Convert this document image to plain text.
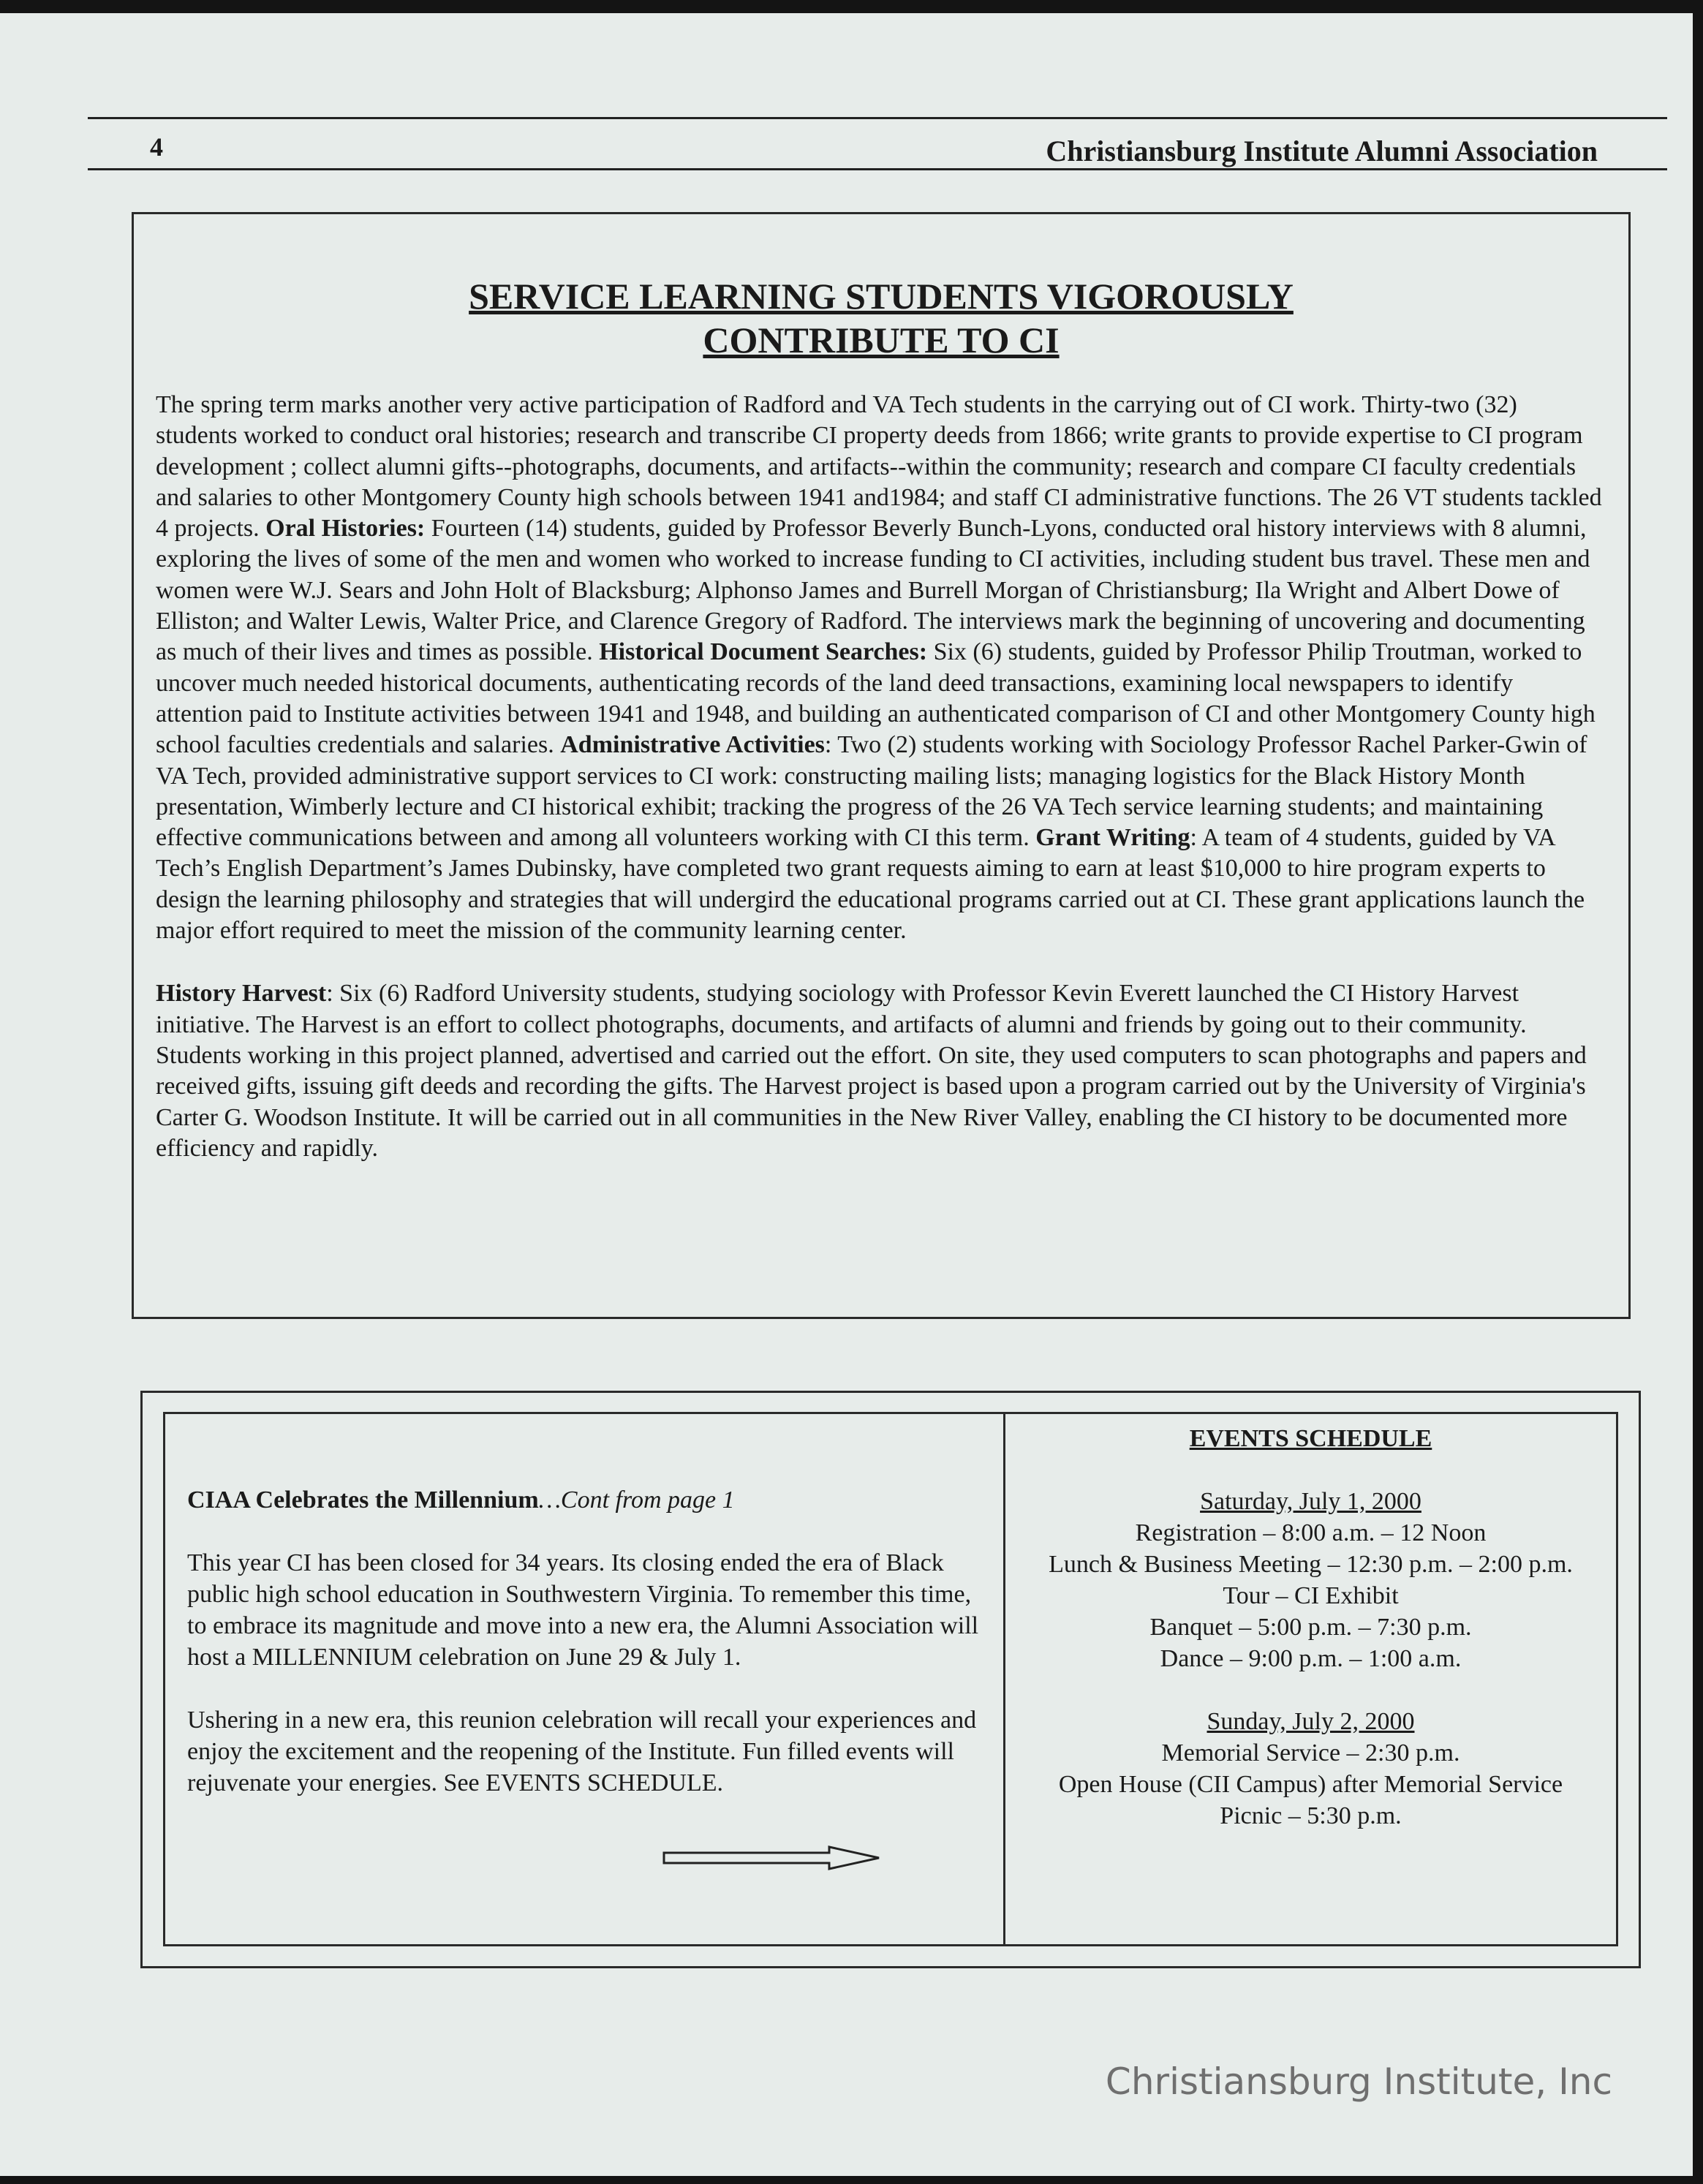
4	Christiansburg Institute Alumni Association
SERVICE LEARNING STUDENTS VIGOROUSLY
CONTRIBUTE TO CI

The spring term marks another very active participation of Radford and VA Tech students in the carrying out of CI work. Thirty-two (32) students worked to conduct oral histories; research and transcribe CI property deeds from 1866; write grants to provide expertise to CI program development ; collect alumni gifts--photographs, documents, and artifacts--within the community; research and compare CI faculty credentials and salaries to other Montgomery County high schools between 1941 and1984; and staff CI administrative functions. The 26 VT students tackled 4 projects. Oral Histories: Fourteen (14) students, guided by Professor Beverly Bunch-Lyons, conducted oral history interviews with 8 alumni, exploring the lives of some of the men and women who worked to increase funding to CI activities, including student bus travel. These men and women were W.J. Sears and John Holt of Blacksburg; Alphonso James and Burrell Morgan of Christiansburg; Ila Wright and Albert Dowe of Elliston; and Walter Lewis, Walter Price, and Clarence Gregory of Radford. The interviews mark the beginning of uncovering and documenting as much of their lives and times as possible. Historical Document Searches: Six (6) students, guided by Professor Philip Troutman, worked to uncover much needed historical documents, authenticating records of the land deed transactions, examining local newspapers to identify attention paid to Institute activities between 1941 and 1948, and building an authenticated comparison of CI and other Montgomery County high school faculties credentials and salaries. Administrative Activities: Two (2) students working with Sociology Professor Rachel Parker-Gwin of VA Tech, provided administrative support services to CI work: constructing mailing lists; managing logistics for the Black History Month presentation, Wimberly lecture and CI historical exhibit; tracking the progress of the 26 VA Tech service learning students; and maintaining effective communications between and among all volunteers working with CI this term. Grant Writing: A team of 4 students, guided by VA Tech’s English Department’s James Dubinsky, have completed two grant requests aiming to earn at least $10,000 to hire program experts to design the learning philosophy and strategies that will undergird the educational programs carried out at CI. These grant applications launch the major effort required to meet the mission of the community learning center.

History Harvest: Six (6) Radford University students, studying sociology with Professor Kevin Everett launched the CI History Harvest initiative. The Harvest is an effort to collect photographs, documents, and artifacts of alumni and friends by going out to their community. Students working in this project planned, advertised and carried out the effort. On site, they used computers to scan photographs and papers and received gifts, issuing gift deeds and recording the gifts. The Harvest project is based upon a program carried out by the University of Virginia's Carter G. Woodson Institute. It will be carried out in all communities in the New River Valley, enabling the CI history to be documented more efficiency and rapidly.

CIAA Celebrates the Millennium…Cont from page 1

This year CI has been closed for 34 years. Its closing ended the era of Black public high school education in Southwestern Virginia. To remember this time, to embrace its magnitude and move into a new era, the Alumni Association will host a MILLENNIUM celebration on June 29 & July 1.

Ushering in a new era, this reunion celebration will recall your experiences and enjoy the excitement and the reopening of the Institute. Fun filled events will rejuvenate your energies. See EVENTS SCHEDULE.

EVENTS SCHEDULE
Saturday, July 1, 2000
Registration – 8:00 a.m. – 12 Noon
Lunch & Business Meeting – 12:30 p.m. – 2:00 p.m.
Tour – CI Exhibit
Banquet – 5:00 p.m. – 7:30 p.m.
Dance – 9:00 p.m. – 1:00 a.m.
Sunday, July 2, 2000
Memorial Service – 2:30 p.m.
Open House (CII Campus) after Memorial Service
Picnic – 5:30 p.m.
Christiansburg Institute, Inc
